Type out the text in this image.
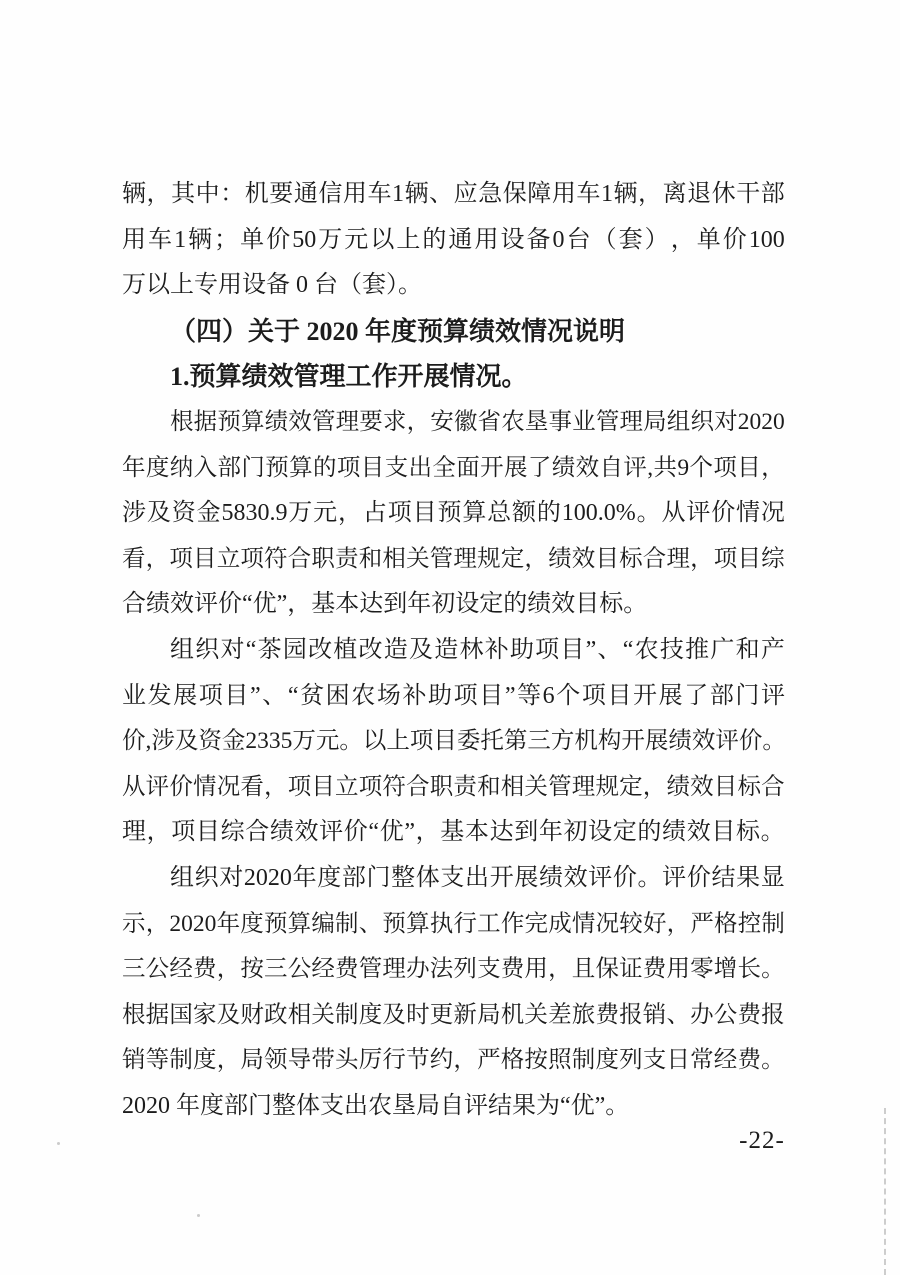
辆 ， 其 中 ： 机 要 通 信 用 车 1 辆 、 应 急 保 障 用 车 1 辆 ， 离 退 休 干 部
用 车 1 辆 ； 单 价 50 万 元 以 上 的 通 用 设 备 0 台 （ 套 ） ， 单 价 100
万以上专用设备 0 台（套）。
（四）关于 2020 年度预算绩效情况说明
1.预算绩效管理工作开展情况。
根 据 预 算 绩 效 管 理 要 求 ， 安 徽 省 农 垦 事 业 管 理 局 组 织 对 2020
年 度 纳 入 部 门 预 算 的 项 目 支 出 全 面 开 展 了 绩 效 自 评 , 共 9 个 项 目 ，
涉 及 资 金 5830.9 万 元 ， 占 项 目 预 算 总 额 的 100.0% 。 从 评 价 情 况
看 ， 项 目 立 项 符 合 职 责 和 相 关 管 理 规 定 ， 绩 效 目 标 合 理 ， 项 目 综
合绩效评价“优”，基本达到年初设定的绩效目标。
组 织 对 “ 茶 园 改 植 改 造 及 造 林 补 助 项 目 ” 、 “ 农 技 推 广 和 产
业 发 展 项 目 ” 、 “ 贫 困 农 场 补 助 项 目 ” 等 6 个 项 目 开 展 了 部 门 评
价 , 涉 及 资 金 2335 万 元 。 以 上 项 目 委 托 第 三 方 机 构 开 展 绩 效 评 价 。
从 评 价 情 况 看 ， 项 目 立 项 符 合 职 责 和 相 关 管 理 规 定 ， 绩 效 目 标 合
理 ， 项 目 综 合 绩 效 评 价 “ 优 ” ， 基 本 达 到 年 初 设 定 的 绩 效 目 标 。
组 织 对 2020 年 度 部 门 整 体 支 出 开 展 绩 效 评 价 。 评 价 结 果 显
示 ， 2020 年 度 预 算 编 制 、 预 算 执 行 工 作 完 成 情 况 较 好 ， 严 格 控 制
三 公 经 费 ， 按 三 公 经 费 管 理 办 法 列 支 费 用 ， 且 保 证 费 用 零 增 长 。
根 据 国 家 及 财 政 相 关 制 度 及 时 更 新 局 机 关 差 旅 费 报 销 、 办 公 费 报
销 等 制 度 ， 局 领 导 带 头 厉 行 节 约 ， 严 格 按 照 制 度 列 支 日 常 经 费 。
2020 年度部门整体支出农垦局自评结果为“优”。
-22-
